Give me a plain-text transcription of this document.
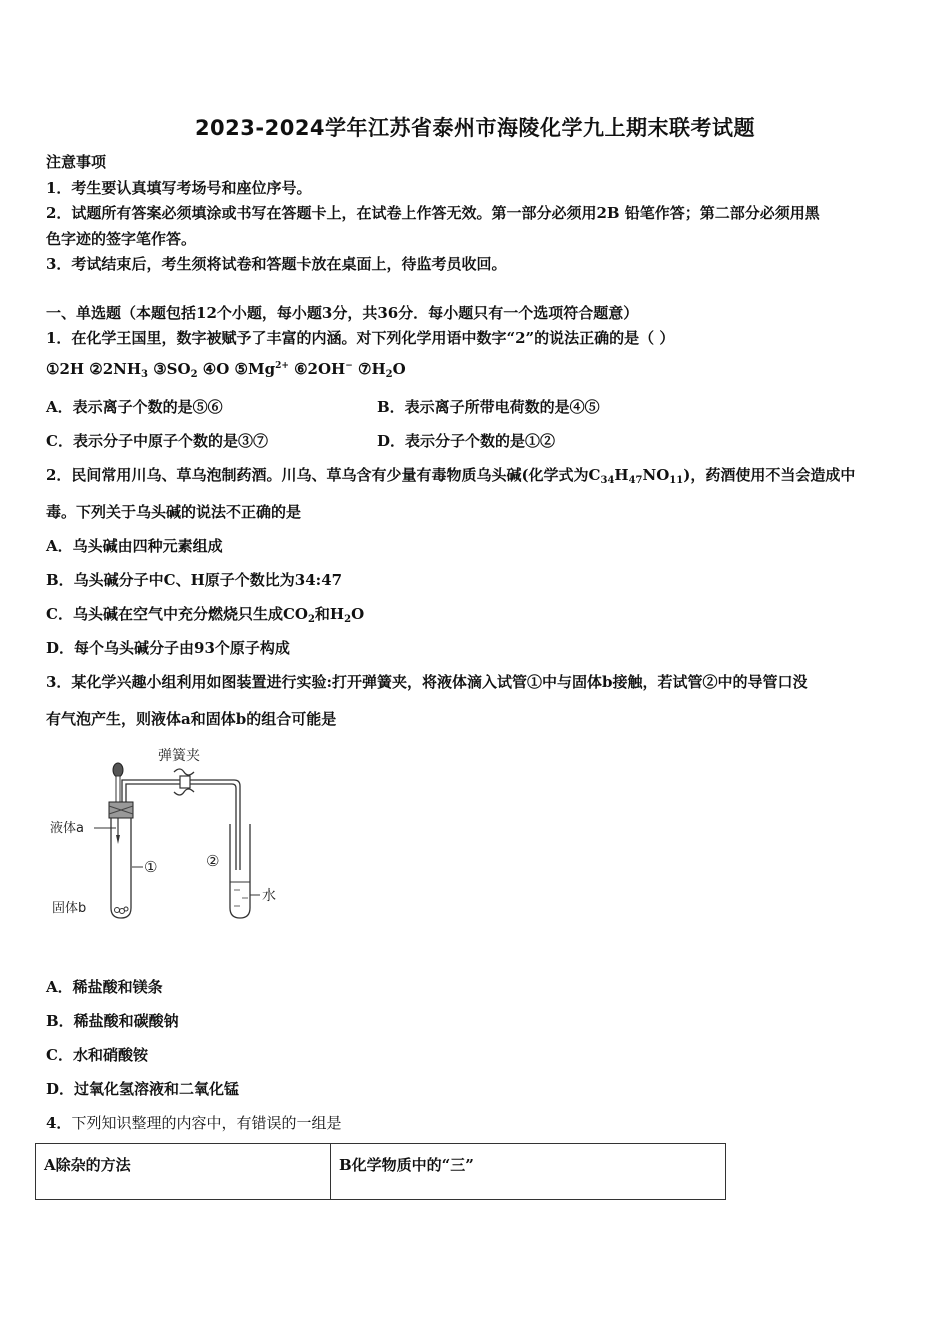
2023-2024学年江苏省泰州市海陵化学九上期末联考试题
注意事项
1．考生要认真填写考场号和座位序号。
2．试题所有答案必须填涂或书写在答题卡上，在试卷上作答无效。第一部分必须用2B 铅笔作答；第二部分必须用黑
色字迹的签字笔作答。
3．考试结束后，考生须将试卷和答题卡放在桌面上，待监考员收回。
一、单选题（本题包括12个小题，每小题3分，共36分．每小题只有一个选项符合题意）
1．在化学王国里，数字被赋予了丰富的内涵。对下列化学用语中数字“2”的说法正确的是（ ）
①2H $②2NH_3$ $③SO_2$ ④O $⑤Mg^{2+}$ ⑥2OH− $⑦H_2O$
A．表示离子个数的是⑤⑥	B．表示离子所带电荷数的是④⑤
C．表示分子中原子个数的是③⑦	D．表示分子个数的是①②
2．民间常用川乌、草乌泡制药酒。川乌、草乌含有少量有毒物质乌头碱(化学式为$C_{34}H_{47}NO_{11}$)，药酒使用不当会造成中
毒。下列关于乌头碱的说法不正确的是
A．乌头碱由四种元素组成
B．乌头碱分子中C、H原子个数比为34:47
C．乌头碱在空气中充分燃烧只生成$CO_2$和$H_2O$
D．每个乌头碱分子由93个原子构成
3．某化学兴趣小组利用如图装置进行实验:打开弹簧夹，将液体滴入试管①中与固体b接触，若试管②中的导管口没
有气泡产生，则液体a和固体b的组合可能是
弹簧夹
液体a
固体b
①	②
水
A．稀盐酸和镁条
B．稀盐酸和碳酸钠
C．水和硝酸铵
D．过氧化氢溶液和二氧化锰
4．下列知识整理的内容中，有错误的一组是
A除杂的方法	B化学物质中的“三”
